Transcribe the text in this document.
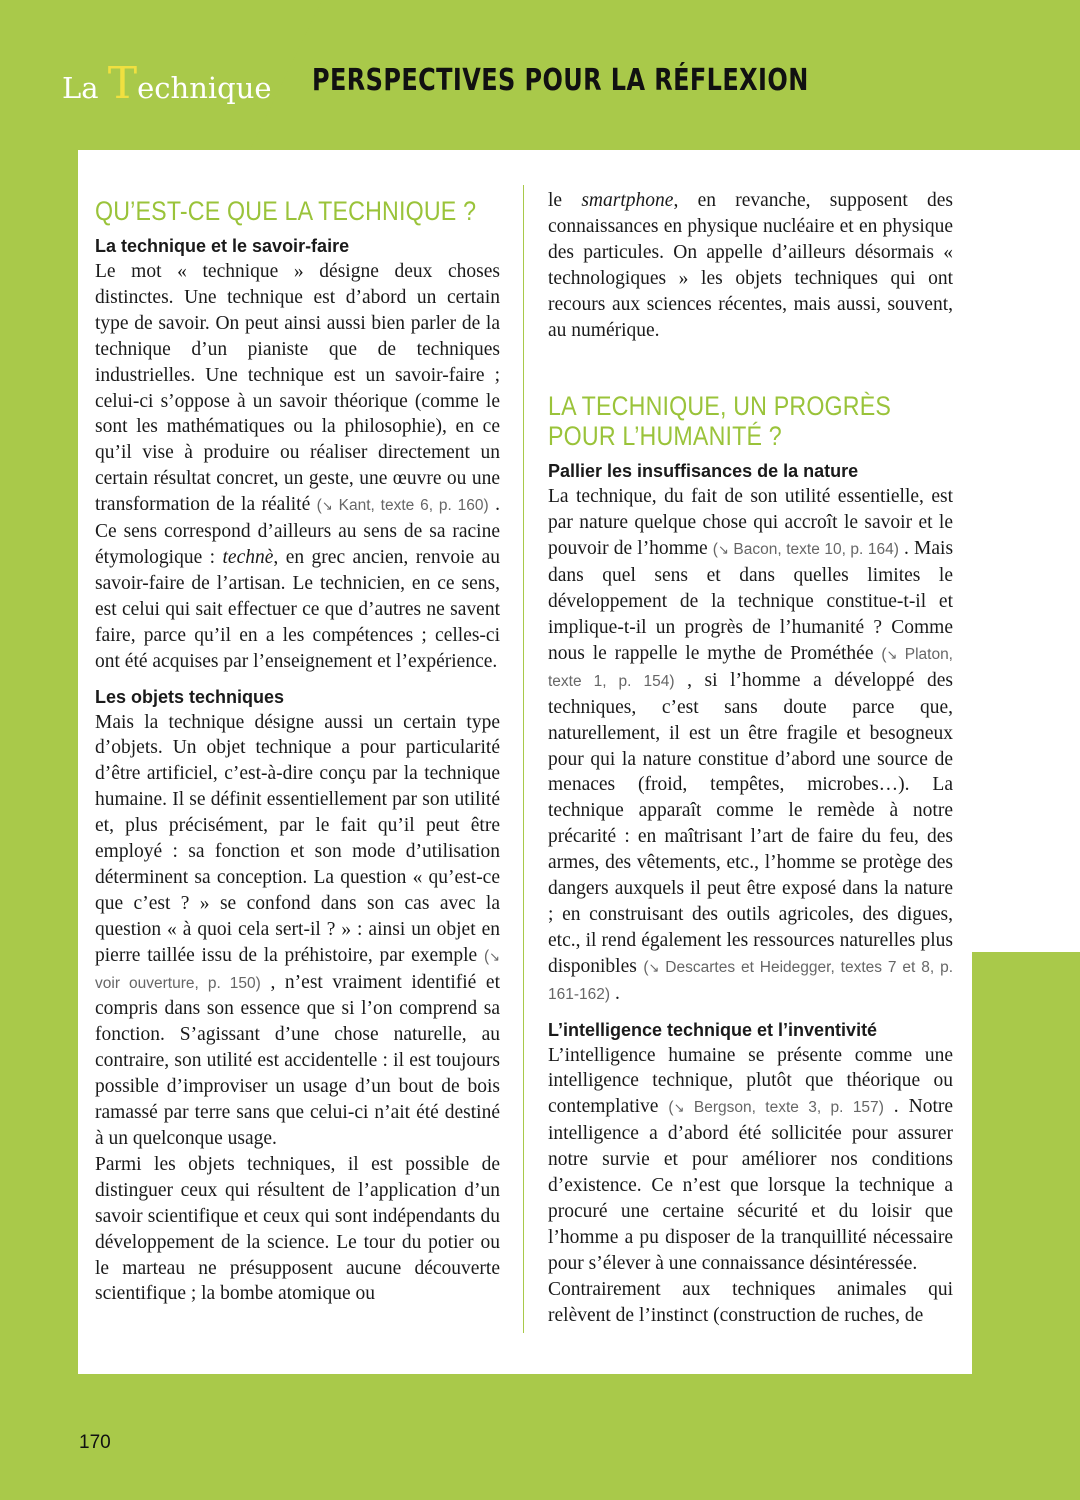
La Technique PERSPECTIVES POUR LA RÉFLEXION
QU’EST-CE QUE LA TECHNIQUE ?
La technique et le savoir-faire

Le mot « technique » désigne deux choses distinctes. Une technique est d’abord un certain type de savoir. On peut ainsi aussi bien parler de la technique d’un pianiste que de techniques industrielles. Une technique est un savoir-faire ; celui-ci s’oppose à un savoir théorique (comme le sont les mathématiques ou la philosophie), en ce qu’il vise à produire ou réaliser directement un certain résultat concret, un geste, une œuvre ou une transformation de la réalité (↘ Kant, texte 6, p. 160) . Ce sens correspond d’ailleurs au sens de sa racine étymologique : technè, en grec ancien, renvoie au savoir-faire de l’artisan. Le technicien, en ce sens, est celui qui sait effectuer ce que d’autres ne savent faire, parce qu’il en a les compétences ; celles-ci ont été acquises par l’enseignement et l’expérience.

Les objets techniques

Mais la technique désigne aussi un certain type d’objets. Un objet technique a pour particularité d’être artificiel, c’est-à-dire conçu par la technique humaine. Il se définit essentiellement par son utilité et, plus précisément, par le fait qu’il peut être employé : sa fonction et son mode d’utilisation déterminent sa conception. La question « qu’est-ce que c’est ? » se confond dans son cas avec la question « à quoi cela sert-il ? » : ainsi un objet en pierre taillée issu de la préhistoire, par exemple (↘ voir ouverture, p. 150) , n’est vraiment identifié et compris dans son essence que si l’on comprend sa fonction. S’agissant d’une chose naturelle, au contraire, son utilité est accidentelle : il est toujours possible d’improviser un usage d’un bout de bois ramassé par terre sans que celui-ci n’ait été destiné à un quelconque usage.

Parmi les objets techniques, il est possible de distinguer ceux qui résultent de l’application d’un savoir scientifique et ceux qui sont indépendants du développement de la science. Le tour du potier ou le marteau ne présupposent aucune découverte scientifique ; la bombe atomique ou

le smartphone, en revanche, supposent des connaissances en physique nucléaire et en physique des particules. On appelle d’ailleurs désormais « technologiques » les objets techniques qui ont recours aux sciences récentes, mais aussi, souvent, au numérique.

LA TECHNIQUE, UN PROGRÈS
POUR L’HUMANITÉ ?
Pallier les insuffisances de la nature

La technique, du fait de son utilité essentielle, est par nature quelque chose qui accroît le savoir et le pouvoir de l’homme (↘ Bacon, texte 10, p. 164) . Mais dans quel sens et dans quelles limites le développement de la technique constitue-t-il et implique-t-il un progrès de l’humanité ? Comme nous le rappelle le mythe de Prométhée (↘ Platon, texte 1, p. 154) , si l’homme a développé des techniques, c’est sans doute parce que, naturellement, il est un être fragile et besogneux pour qui la nature constitue d’abord une source de menaces (froid, tempêtes, microbes…). La technique apparaît comme le remède à notre précarité : en maîtrisant l’art de faire du feu, des armes, des vêtements, etc., l’homme se protège des dangers auxquels il peut être exposé dans la nature ; en construisant des outils agricoles, des digues, etc., il rend également les ressources naturelles plus disponibles (↘ Descartes et Heidegger, textes 7 et 8, p. 161-162) .

L’intelligence technique et l’inventivité

L’intelligence humaine se présente comme une intelligence technique, plutôt que théorique ou contemplative (↘ Bergson, texte 3, p. 157) . Notre intelligence a d’abord été sollicitée pour assurer notre survie et pour améliorer nos conditions d’existence. Ce n’est que lorsque la technique a procuré une certaine sécurité et du loisir que l’homme a pu disposer de la tranquillité nécessaire pour s’élever à une connaissance désintéressée.

Contrairement aux techniques animales qui relèvent de l’instinct (construction de ruches, de

170
